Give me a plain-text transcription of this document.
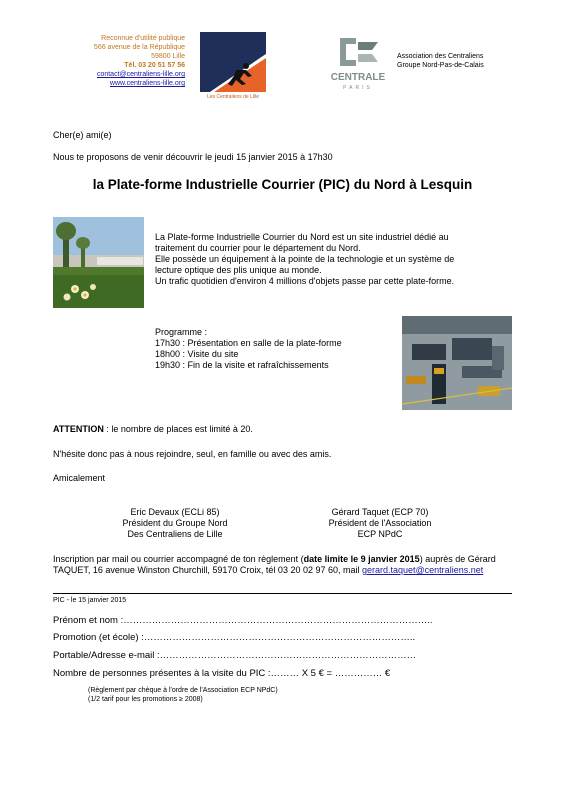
Reconnue d'utilité publique
566 avenue de la République
59800 Lille
Tél. 03 20 51 57 56
contact@centraliens-lille.org
www.centraliens-lille.org
Les Centraliens de Lille
CENTRALE
PARIS
Association des Centraliens
Groupe Nord-Pas-de-Calais
Cher(e) ami(e)
Nous te proposons de venir découvrir le jeudi 15 janvier 2015 à 17h30
la Plate-forme Industrielle Courrier (PIC) du Nord à Lesquin
La Plate-forme Industrielle Courrier du Nord est un site industriel dédié au
traitement du courrier pour le département du Nord.
Elle possède un équipement à la pointe de la technologie et un système de
lecture optique des plis unique au monde.
Un trafic quotidien d'environ 4 millions d'objets passe par cette plate-forme.
Programme :
17h30 : Présentation en salle de la plate-forme
18h00 : Visite du site
19h30 : Fin de la visite et rafraîchissements
ATTENTION : le nombre de places est limité à 20.
N'hésite donc pas à nous rejoindre, seul, en famille ou avec des amis.
Amicalement
Eric Devaux (ECLi 85)
Président du Groupe Nord
Des Centraliens de Lille
Gérard Taquet (ECP 70)
Président de l'Association
ECP NPdC
Inscription par mail ou courrier accompagné de ton règlement (date limite le 9 janvier 2015) auprès de Gérard
TAQUET, 16 avenue Winston Churchill, 59170 Croix, tél 03 20 02 97 60, mail gerard.taquet@centraliens.net
PIC - le 15 janvier 2015
Prénom et nom :……………………………………………………………………………………..
Promotion (et école) :…………………………………………………………………………..
Portable/Adresse e-mail :………………………………………………………………………
Nombre de personnes présentes à la visite du PIC :……… X 5 € = …………… €
(Règlement par chèque à l'ordre de l'Association ECP NPdC)
(1/2 tarif pour les promotions ≥ 2008)
